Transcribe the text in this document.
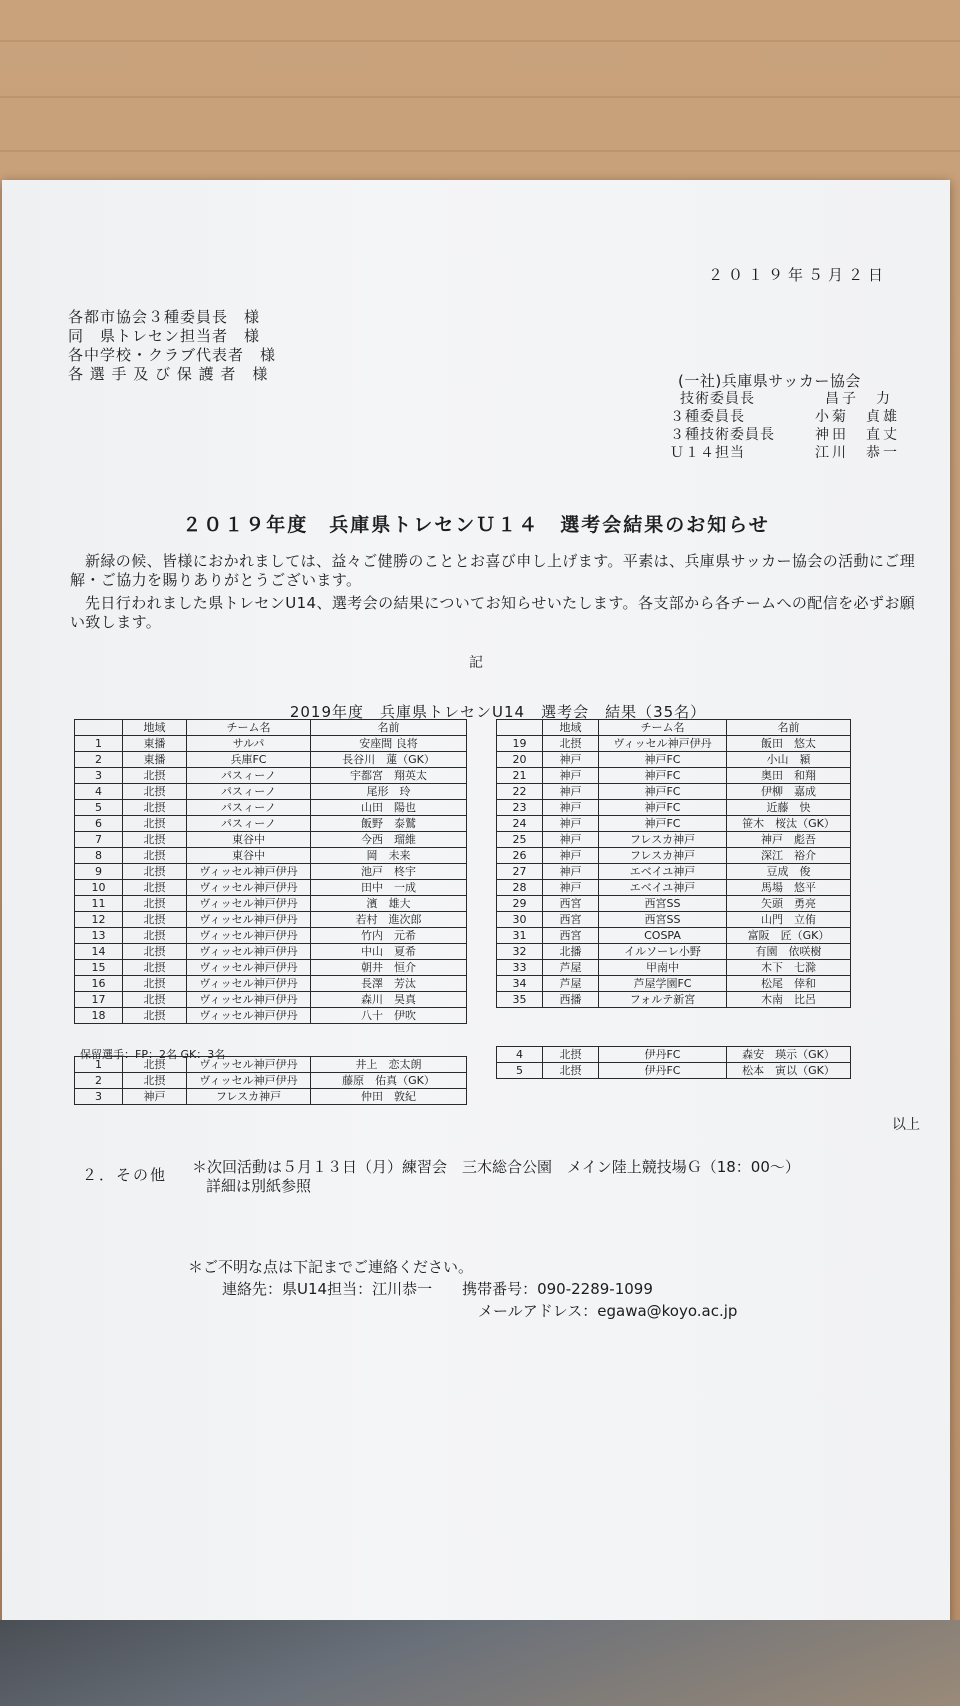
２０１９年５月２日
各都市協会３種委員長　様
同　県トレセン担当者　様
各中学校・クラブ代表者　様
各 選 手 及 び 保 護 者　様	(一社)兵庫県サッカー協会
技術委員長	昌子　力
３種委員長	小菊　貞雄
３種技術委員長	神田　直丈
Ｕ１４担当	江川　恭一
２０１９年度　兵庫県トレセンＵ１４　選考会結果のお知らせ
新緑の候、皆様におかれましては、益々ご健勝のこととお喜び申し上げます。平素は、兵庫県サッカー協会の活動にご理解・ご協力を賜りありがとうございます。
先日行われました県トレセンU14、選考会の結果についてお知らせいたします。各支部から各チームへの配信を必ずお願い致します。
記
2019年度　兵庫県トレセンU14　選考会　結果（35名）
	地域	チーム名	名前
1	東播	サルパ	安座間 良将
2	東播	兵庫FC	長谷川　蓮（GK）
3	北摂	パスィーノ	宇都宮　翔英太
4	北摂	パスィーノ	尾形　玲
5	北摂	パスィーノ	山田　陽也
6	北摂	パスィーノ	飯野　泰鷲
7	北摂	東谷中	今西　瑠維
8	北摂	東谷中	岡　未来
9	北摂	ヴィッセル神戸伊丹	池戸　柊宇
10	北摂	ヴィッセル神戸伊丹	田中　一成
11	北摂	ヴィッセル神戸伊丹	濱　雄大
12	北摂	ヴィッセル神戸伊丹	若村　進次郎
13	北摂	ヴィッセル神戸伊丹	竹内　元希
14	北摂	ヴィッセル神戸伊丹	中山　夏希
15	北摂	ヴィッセル神戸伊丹	朝井　恒介
16	北摂	ヴィッセル神戸伊丹	長澤　芳汰
17	北摂	ヴィッセル神戸伊丹	森川　昊真
18	北摂	ヴィッセル神戸伊丹	八十　伊吹
	地域	チーム名	名前
19	北摂	ヴィッセル神戸伊丹	飯田　悠太
20	神戸	神戸FC	小山　潁
21	神戸	神戸FC	奥田　和翔
22	神戸	神戸FC	伊柳　嘉成
23	神戸	神戸FC	近藤　快
24	神戸	神戸FC	笹木　桜汰（GK）
25	神戸	フレスカ神戸	神戸　彪吾
26	神戸	フレスカ神戸	深江　裕介
27	神戸	エベイユ神戸	豆成　俊
28	神戸	エベイユ神戸	馬場　悠平
29	西宮	西宮SS	矢頭　勇亮
30	西宮	西宮SS	山門　立侑
31	西宮	COSPA	富阪　匠（GK）
32	北播	イルソーレ小野	有園　依咲樹
33	芦屋	甲南中	木下　七滁
34	芦屋	芦屋学園FC	松尾　倖和
35	西播	フォルテ新宮	木南　比呂
保留選手：FP：2名 GK：3名
1	北摂	ヴィッセル神戸伊丹	井上　恋太朗
2	北摂	ヴィッセル神戸伊丹	藤原　佑真（GK）
3	神戸	フレスカ神戸	仲田　敦紀
4	北摂	伊丹FC	森安　瑛示（GK）
5	北摂	伊丹FC	松本　寅以（GK）
以上
２．その他	＊次回活動は５月１３日（月）練習会　三木総合公園　メイン陸上競技場Ｇ（18：00～）
詳細は別紙参照
＊ご不明な点は下記までご連絡ください。
連絡先：県U14担当：江川恭一　　携帯番号：090-2289-1099
メールアドレス：egawa@koyo.ac.jp
